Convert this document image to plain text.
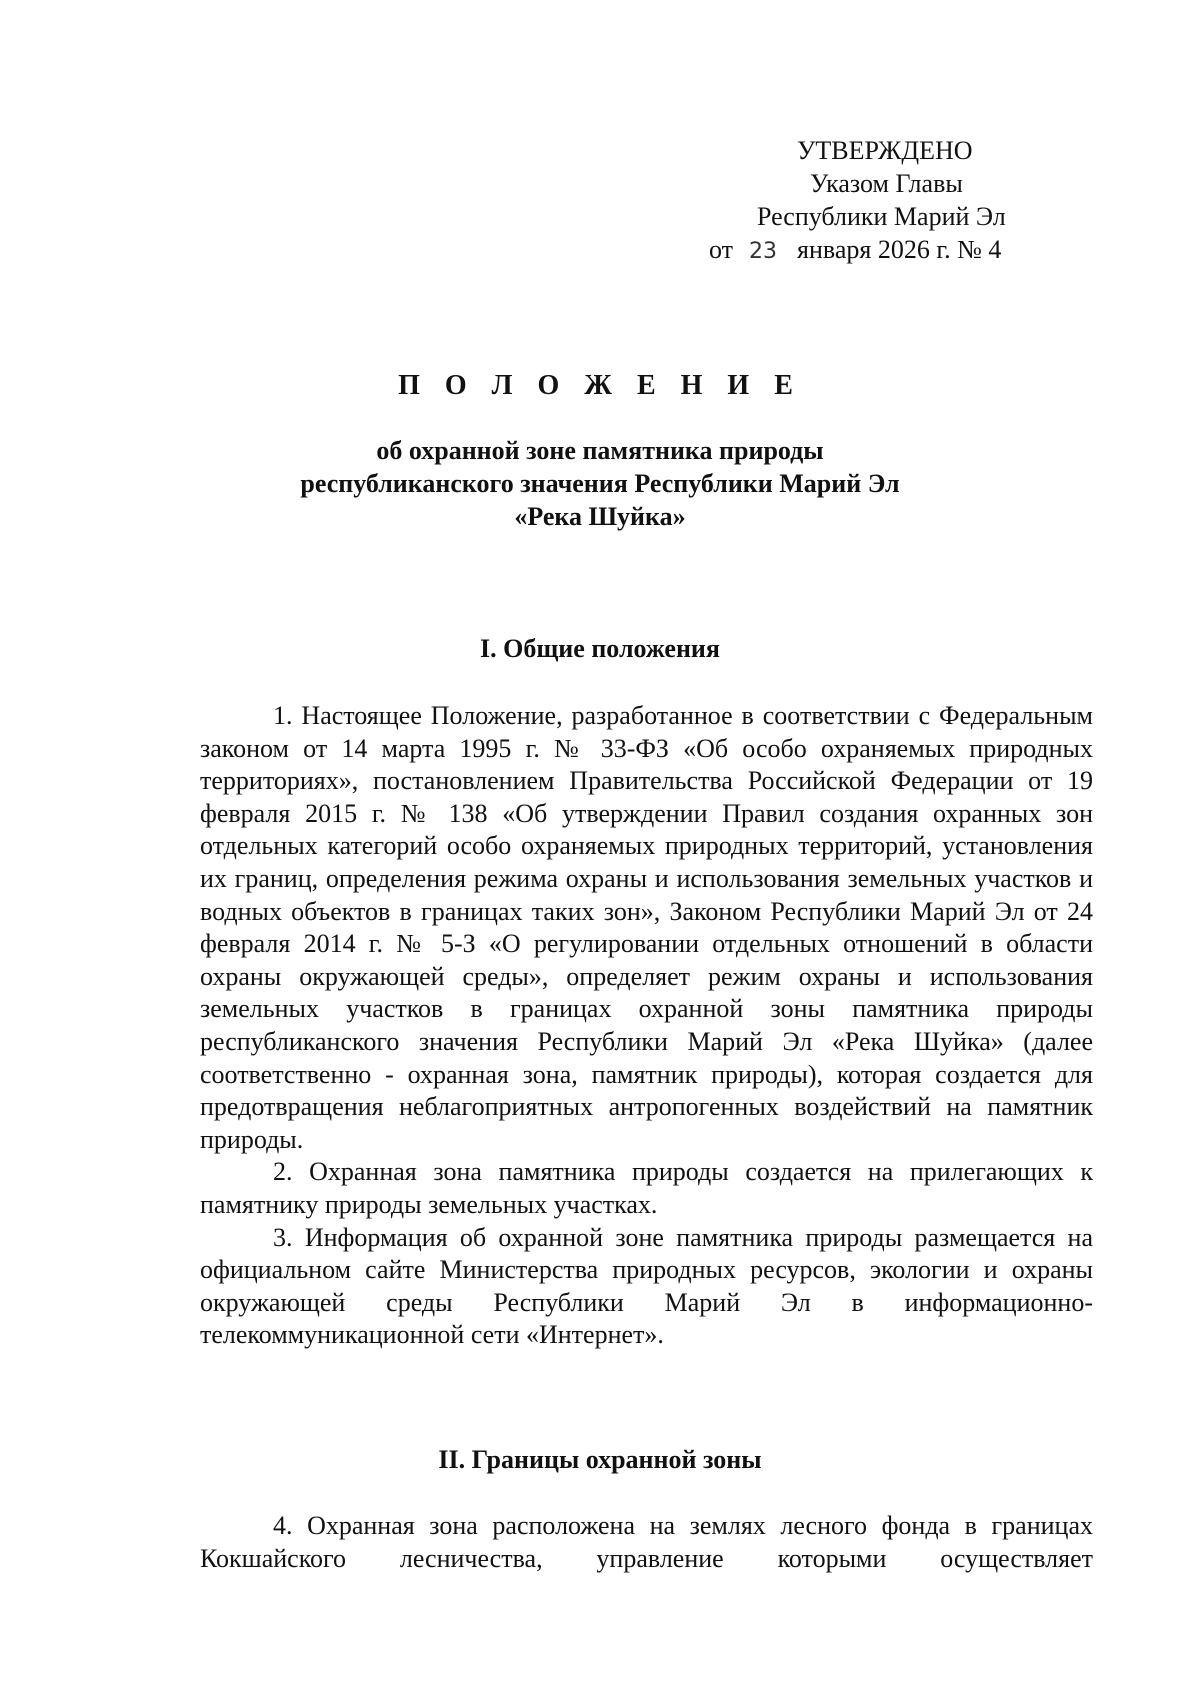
УТВЕРЖДЕНО
Указом Главы
Республики Марий Эл
от 23 января 2026 г. № 4
П О Л О Ж Е Н И Е
об охранной зоне памятника природы
республиканского значения Республики Марий Эл
«Река Шуйка»
I. Общие положения

1. Настоящее Положение, разработанное в соответствии с Федеральным законом от 14 марта 1995 г. № 33-ФЗ «Об особо охраняемых природных территориях», постановлением Правительства Российской Федерации от 19 февраля 2015 г. № 138 «Об утверждении Правил создания охранных зон отдельных категорий особо охраняемых природных территорий, установления их границ, определения режима охраны и использования земельных участков и водных объектов в границах таких зон», Законом Республики Марий Эл от 24 февраля 2014 г. № 5-З «О регулировании отдельных отношений в области охраны окружающей среды», определяет режим охраны и использования земельных участков в границах охранной зоны памятника природы республиканского значения Республики Марий Эл «Река Шуйка» (далее соответственно - охранная зона, памятник природы), которая создается для предотвращения неблагоприятных антропогенных воздействий на памятник природы.

2. Охранная зона памятника природы создается на прилегающих к памятнику природы земельных участках.

3. Информация об охранной зоне памятника природы размещается на официальном сайте Министерства природных ресурсов, экологии и охраны окружающей среды Республики Марий Эл в информационно-телекоммуникационной сети «Интернет».

II. Границы охранной зоны

4. Охранная зона расположена на землях лесного фонда в границах Кокшайского лесничества, управление которыми осуществляет
